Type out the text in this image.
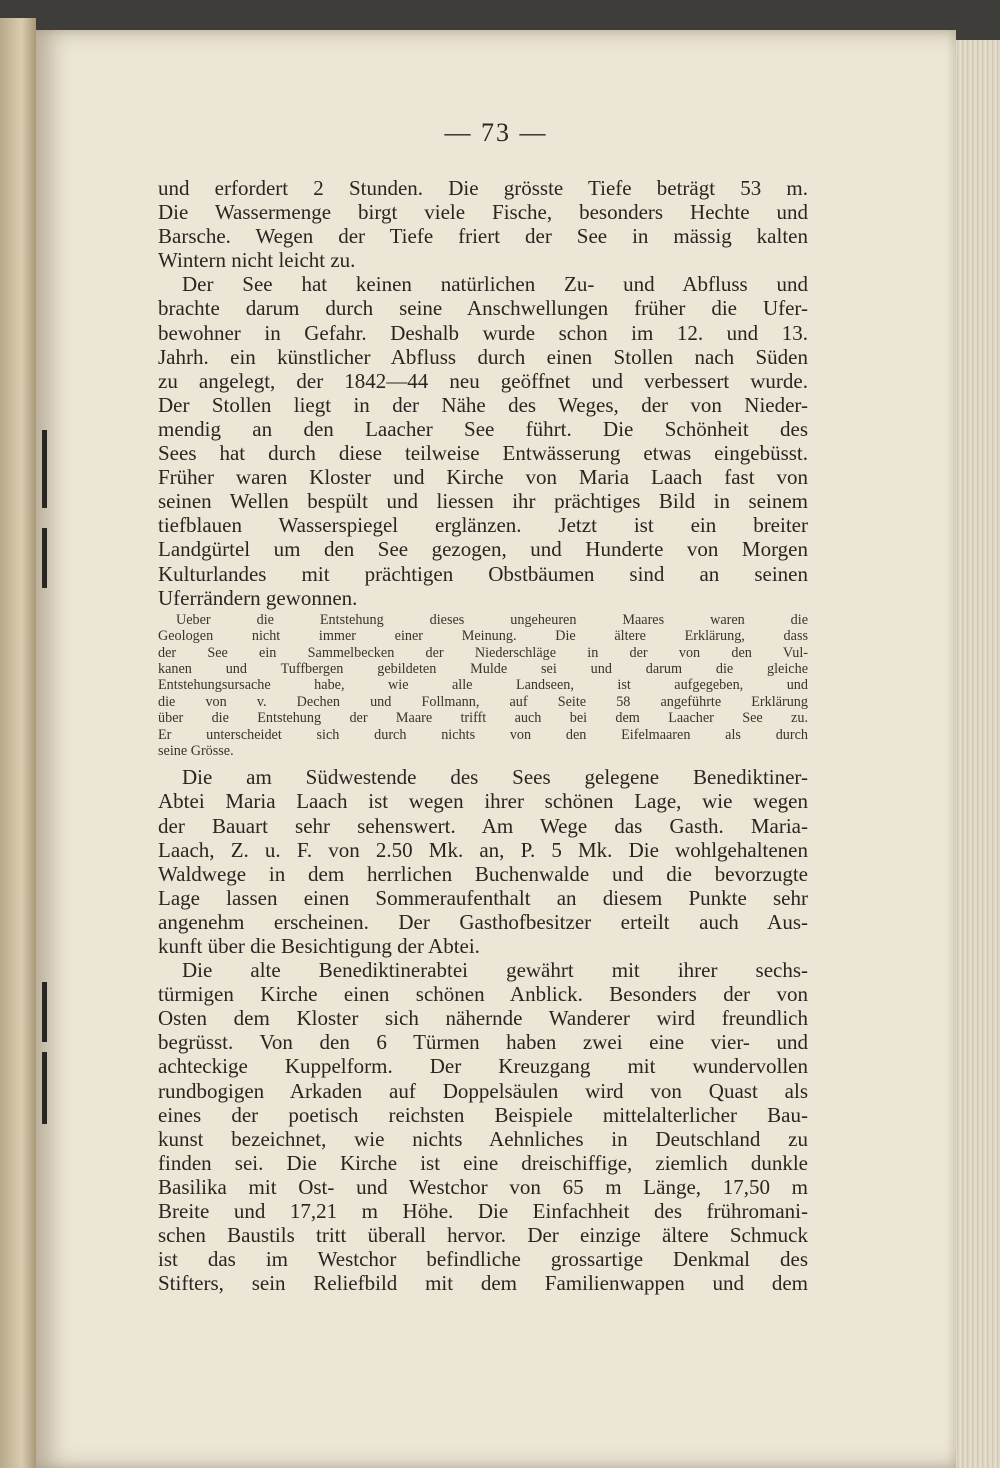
— 73 —
und erfordert 2 Stunden. Die grösste Tiefe beträgt 53 m.
Die Wassermenge birgt viele Fische, besonders Hechte und
Barsche. Wegen der Tiefe friert der See in mässig kalten
Wintern nicht leicht zu.
Der See hat keinen natürlichen Zu- und Abfluss und
brachte darum durch seine Anschwellungen früher die Ufer-
bewohner in Gefahr. Deshalb wurde schon im 12. und 13.
Jahrh. ein künstlicher Abfluss durch einen Stollen nach Süden
zu angelegt, der 1842—44 neu geöffnet und verbessert wurde.
Der Stollen liegt in der Nähe des Weges, der von Nieder-
mendig an den Laacher See führt. Die Schönheit des
Sees hat durch diese teilweise Entwässerung etwas eingebüsst.
Früher waren Kloster und Kirche von Maria Laach fast von
seinen Wellen bespült und liessen ihr prächtiges Bild in seinem
tiefblauen Wasserspiegel erglänzen. Jetzt ist ein breiter
Landgürtel um den See gezogen, und Hunderte von Morgen
Kulturlandes mit prächtigen Obstbäumen sind an seinen
Uferrändern gewonnen.
Ueber die Entstehung dieses ungeheuren Maares waren die
Geologen nicht immer einer Meinung. Die ältere Erklärung, dass
der See ein Sammelbecken der Niederschläge in der von den Vul-
kanen und Tuffbergen gebildeten Mulde sei und darum die gleiche
Entstehungsursache habe, wie alle Landseen, ist aufgegeben, und
die von v. Dechen und Follmann, auf Seite 58 angeführte Erklärung
über die Entstehung der Maare trifft auch bei dem Laacher See zu.
Er unterscheidet sich durch nichts von den Eifelmaaren als durch
seine Grösse.
Die am Südwestende des Sees gelegene Benediktiner-
Abtei Maria Laach ist wegen ihrer schönen Lage, wie wegen
der Bauart sehr sehenswert. Am Wege das Gasth. Maria-
Laach, Z. u. F. von 2.50 Mk. an, P. 5 Mk. Die wohlgehaltenen
Waldwege in dem herrlichen Buchenwalde und die bevorzugte
Lage lassen einen Sommeraufenthalt an diesem Punkte sehr
angenehm erscheinen. Der Gasthofbesitzer erteilt auch Aus-
kunft über die Besichtigung der Abtei.
Die alte Benediktinerabtei gewährt mit ihrer sechs-
türmigen Kirche einen schönen Anblick. Besonders der von
Osten dem Kloster sich nähernde Wanderer wird freundlich
begrüsst. Von den 6 Türmen haben zwei eine vier- und
achteckige Kuppelform. Der Kreuzgang mit wundervollen
rundbogigen Arkaden auf Doppelsäulen wird von Quast als
eines der poetisch reichsten Beispiele mittelalterlicher Bau-
kunst bezeichnet, wie nichts Aehnliches in Deutschland zu
finden sei. Die Kirche ist eine dreischiffige, ziemlich dunkle
Basilika mit Ost- und Westchor von 65 m Länge, 17,50 m
Breite und 17,21 m Höhe. Die Einfachheit des frühromani-
schen Baustils tritt überall hervor. Der einzige ältere Schmuck
ist das im Westchor befindliche grossartige Denkmal des
Stifters, sein Reliefbild mit dem Familienwappen und dem
